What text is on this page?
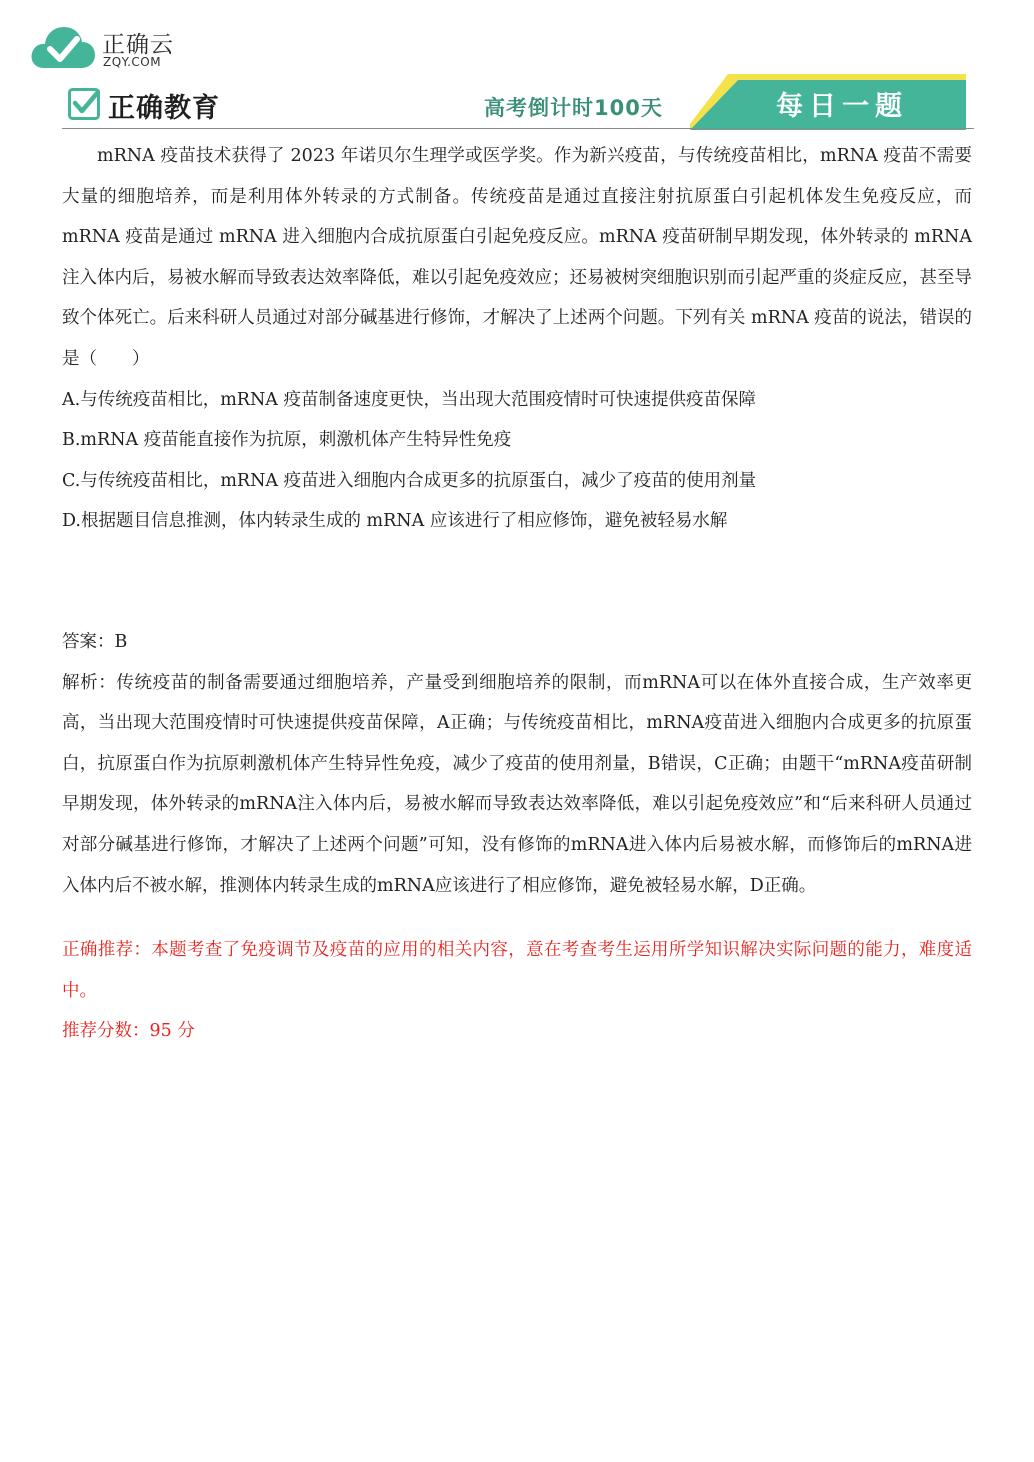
正确云
ZQY.COM
正确教育	高考倒计时100天	每日一题

mRNA 疫苗技术获得了 2023 年诺贝尔生理学或医学奖。作为新兴疫苗，与传统疫苗相比，mRNA 疫苗不需要大量的细胞培养，而是利用体外转录的方式制备。传统疫苗是通过直接注射抗原蛋白引起机体发生免疫反应，而 mRNA 疫苗是通过 mRNA 进入细胞内合成抗原蛋白引起免疫反应。mRNA 疫苗研制早期发现，体外转录的 mRNA 注入体内后，易被水解而导致表达效率降低，难以引起免疫效应；还易被树突细胞识别而引起严重的炎症反应，甚至导致个体死亡。后来科研人员通过对部分碱基进行修饰，才解决了上述两个问题。下列有关 mRNA 疫苗的说法，错误的是（　　）

A.与传统疫苗相比，mRNA 疫苗制备速度更快，当出现大范围疫情时可快速提供疫苗保障

B.mRNA 疫苗能直接作为抗原，刺激机体产生特异性免疫

C.与传统疫苗相比，mRNA 疫苗进入细胞内合成更多的抗原蛋白，减少了疫苗的使用剂量

D.根据题目信息推测，体内转录生成的 mRNA 应该进行了相应修饰，避免被轻易水解

答案：B

解析：传统疫苗的制备需要通过细胞培养，产量受到细胞培养的限制，而mRNA可以在体外直接合成，生产效率更高，当出现大范围疫情时可快速提供疫苗保障，A正确；与传统疫苗相比，mRNA疫苗进入细胞内合成更多的抗原蛋白，抗原蛋白作为抗原刺激机体产生特异性免疫，减少了疫苗的使用剂量，B错误，C正确；由题干“mRNA疫苗研制早期发现，体外转录的mRNA注入体内后，易被水解而导致表达效率降低，难以引起免疫效应”和“后来科研人员通过对部分碱基进行修饰，才解决了上述两个问题”可知，没有修饰的mRNA进入体内后易被水解，而修饰后的mRNA进入体内后不被水解，推测体内转录生成的mRNA应该进行了相应修饰，避免被轻易水解，D正确。

正确推荐：本题考查了免疫调节及疫苗的应用的相关内容，意在考查考生运用所学知识解决实际问题的能力，难度适中。

推荐分数：95 分
